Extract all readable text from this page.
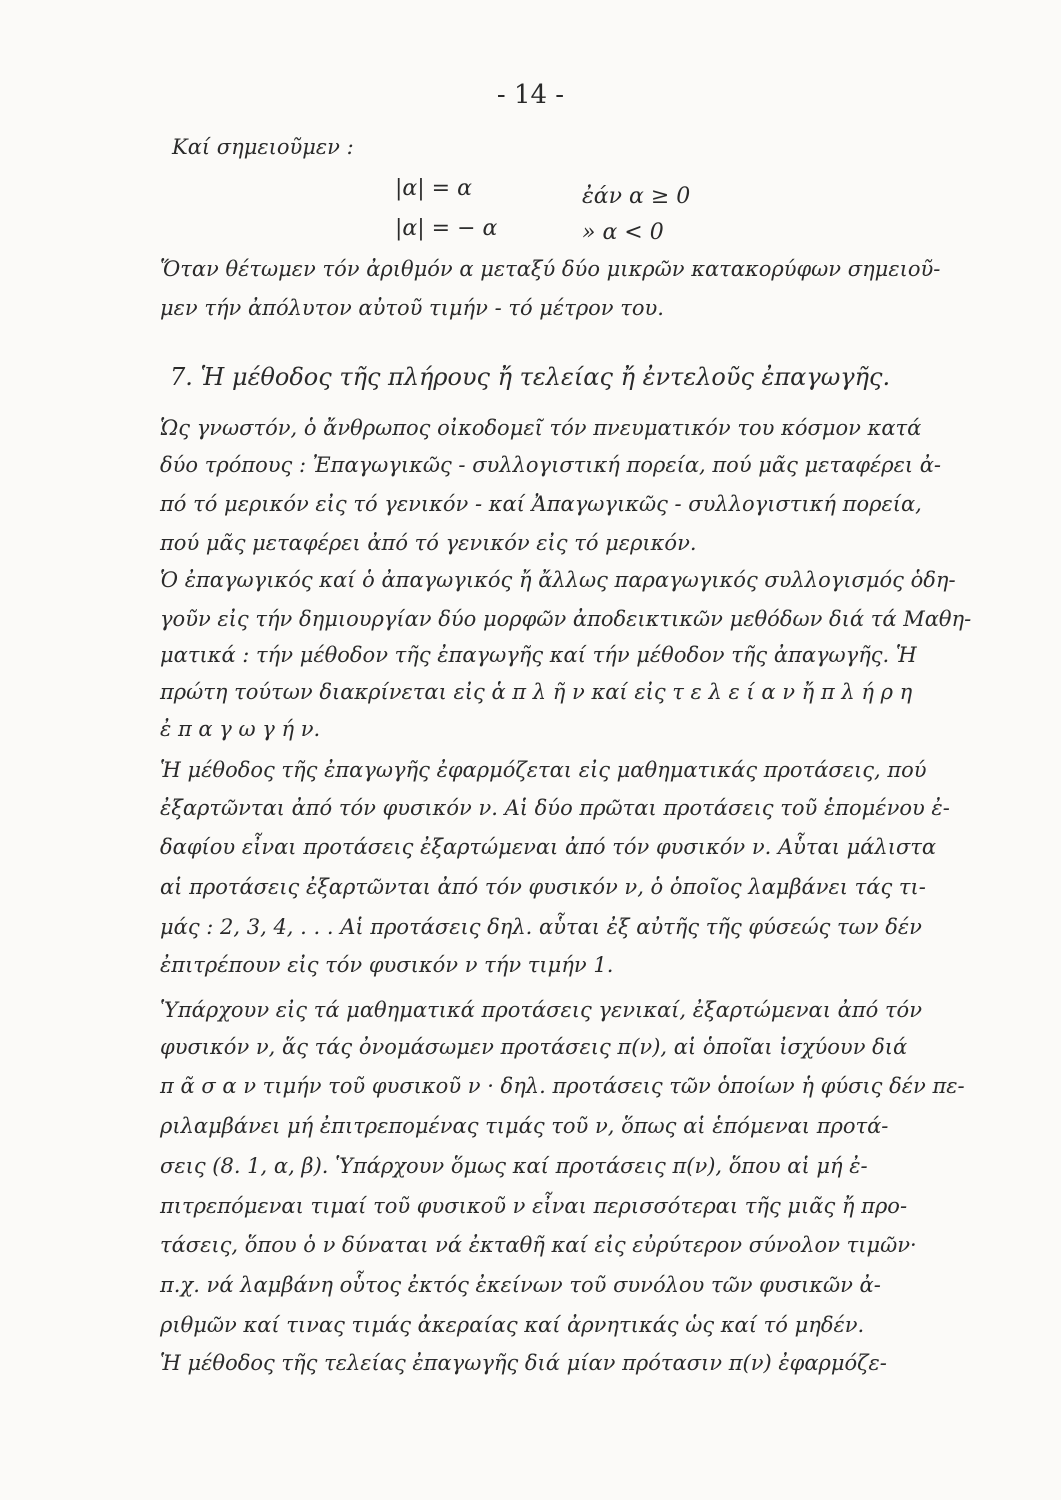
- 14 -
Καί σημειοῦμεν :
|α| = α	ἐάν α ≥ 0
|α| = − α	» α < 0
Ὅταν θέτωμεν τόν ἀριθμόν α μεταξύ δύο μικρῶν κατακορύφων σημειοῦ-
μεν τήν ἀπόλυτον αὐτοῦ τιμήν - τό μέτρον του.
7. Ἡ μέθοδος τῆς πλήρους ἤ τελείας ἤ ἐντελοῦς ἐπαγωγῆς.
Ὡς γνωστόν, ὁ ἄνθρωπος οἰκοδομεῖ τόν πνευματικόν του κόσμον κατά
δύο τρόπους : Ἐπαγωγικῶς - συλλογιστική πορεία, πού μᾶς μεταφέρει ἀ-
πό τό μερικόν εἰς τό γενικόν - καί Ἀπαγωγικῶς - συλλογιστική πορεία,
πού μᾶς μεταφέρει ἀπό τό γενικόν εἰς τό μερικόν.
Ὁ ἐπαγωγικός καί ὁ ἀπαγωγικός ἤ ἄλλως παραγωγικός συλλογισμός ὁδη-
γοῦν εἰς τήν δημιουργίαν δύο μορφῶν ἀποδεικτικῶν μεθόδων διά τά Μαθη-
ματικά : τήν μέθοδον τῆς ἐπαγωγῆς καί τήν μέθοδον τῆς ἀπαγωγῆς. Ἡ
πρώτη τούτων διακρίνεται εἰς ἁ π λ ῆ ν καί εἰς τ ε λ ε ί α ν ἤ π λ ή ρ η
ἐ π α γ ω γ ή ν.
Ἡ μέθοδος τῆς ἐπαγωγῆς ἐφαρμόζεται εἰς μαθηματικάς προτάσεις, πού
ἐξαρτῶνται ἀπό τόν φυσικόν ν. Αἱ δύο πρῶται προτάσεις τοῦ ἑπομένου ἐ-
δαφίου εἶναι προτάσεις ἐξαρτώμεναι ἀπό τόν φυσικόν ν. Αὗται μάλιστα
αἱ προτάσεις ἐξαρτῶνται ἀπό τόν φυσικόν ν, ὁ ὁποῖος λαμβάνει τάς τι-
μάς : 2, 3, 4, . . . Αἱ προτάσεις δηλ. αὗται ἐξ αὐτῆς τῆς φύσεώς των δέν
ἐπιτρέπουν εἰς τόν φυσικόν ν τήν τιμήν 1.
Ὑπάρχουν εἰς τά μαθηματικά προτάσεις γενικαί, ἐξαρτώμεναι ἀπό τόν
φυσικόν ν, ἅς τάς ὀνομάσωμεν προτάσεις π(ν), αἱ ὁποῖαι ἰσχύουν διά
π ᾶ σ α ν τιμήν τοῦ φυσικοῦ ν · δηλ. προτάσεις τῶν ὁποίων ἡ φύσις δέν πε-
ριλαμβάνει μή ἐπιτρεπομένας τιμάς τοῦ ν, ὅπως αἱ ἑπόμεναι προτά-
σεις (8. 1, α, β). Ὑπάρχουν ὅμως καί προτάσεις π(ν), ὅπου αἱ μή ἐ-
πιτρεπόμεναι τιμαί τοῦ φυσικοῦ ν εἶναι περισσότεραι τῆς μιᾶς ἤ προ-
τάσεις, ὅπου ὁ ν δύναται νά ἐκταθῆ καί εἰς εὐρύτερον σύνολον τιμῶν·
π.χ. νά λαμβάνη οὗτος ἐκτός ἐκείνων τοῦ συνόλου τῶν φυσικῶν ἀ-
ριθμῶν καί τινας τιμάς ἀκεραίας καί ἀρνητικάς ὡς καί τό μηδέν.
Ἡ μέθοδος τῆς τελείας ἐπαγωγῆς διά μίαν πρότασιν π(ν) ἐφαρμόζε-
